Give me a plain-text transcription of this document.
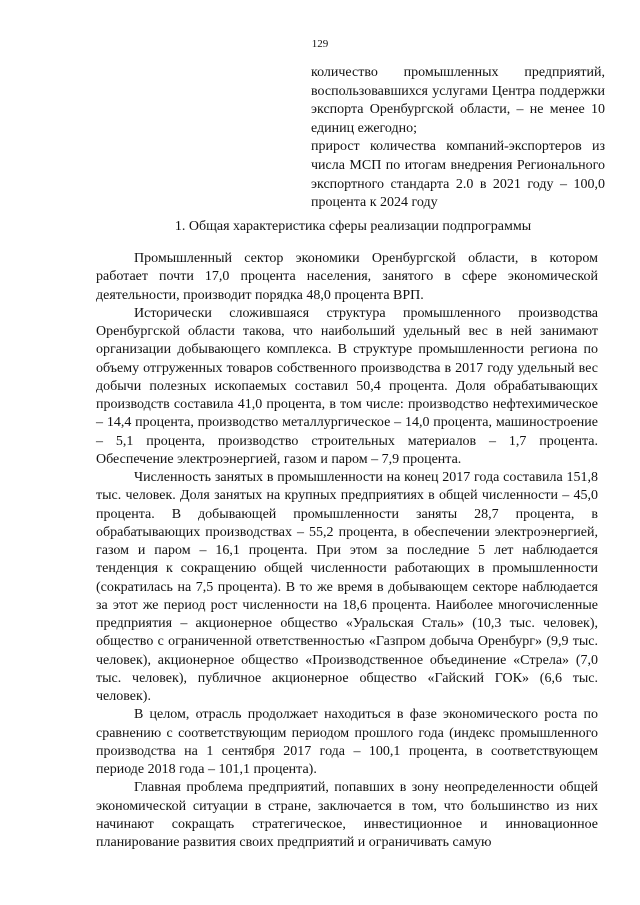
129

количество промышленных предприятий, воспользовавшихся услугами Центра поддержки экспорта Оренбургской области, – не менее 10 единиц ежегодно;

прирост количества компаний-экспортеров из числа МСП по итогам внедрения Регионального экспортного стандарта 2.0 в 2021 году – 100,0 процента к 2024 году

1. Общая характеристика сферы реализации подпрограммы

Промышленный сектор экономики Оренбургской области, в котором работает почти 17,0 процента населения, занятого в сфере экономической деятельности, производит порядка 48,0 процента ВРП.

Исторически сложившаяся структура промышленного производства Оренбургской области такова, что наибольший удельный вес в ней занимают организации добывающего комплекса. В структуре промышленности региона по объему отгруженных товаров собственного производства в 2017 году удельный вес добычи полезных ископаемых составил 50,4 процента. Доля обрабатывающих производств составила 41,0 процента, в том числе: производство нефтехимическое – 14,4 процента, производство металлургическое – 14,0 процента, машиностроение – 5,1 процента, производство строительных материалов – 1,7 процента. Обеспечение электроэнергией, газом и паром – 7,9 процента.

Численность занятых в промышленности на конец 2017 года составила 151,8 тыс. человек. Доля занятых на крупных предприятиях в общей численности – 45,0 процента. В добывающей промышленности заняты 28,7 процента, в обрабатывающих производствах – 55,2 процента, в обеспечении электроэнергией, газом и паром – 16,1 процента. При этом за последние 5 лет наблюдается тенденция к сокращению общей численности работающих в промышленности (сократилась на 7,5 процента). В то же время в добывающем секторе наблюдается за этот же период рост численности на 18,6 процента. Наиболее многочисленные предприятия – акционерное общество «Уральская Сталь» (10,3 тыс. человек), общество с ограниченной ответственностью «Газпром добыча Оренбург» (9,9 тыс. человек), акционерное общество «Производственное объединение «Стрела» (7,0 тыс. человек), публичное акционерное общество «Гайский ГОК» (6,6 тыс. человек).

В целом, отрасль продолжает находиться в фазе экономического роста по сравнению с соответствующим периодом прошлого года (индекс промышленного производства на 1 сентября 2017 года – 100,1 процента, в соответствующем периоде 2018 года – 101,1 процента).

Главная проблема предприятий, попавших в зону неопределенности общей экономической ситуации в стране, заключается в том, что большинство из них начинают сокращать стратегическое, инвестиционное и инновационное планирование развития своих предприятий и ограничивать самую
